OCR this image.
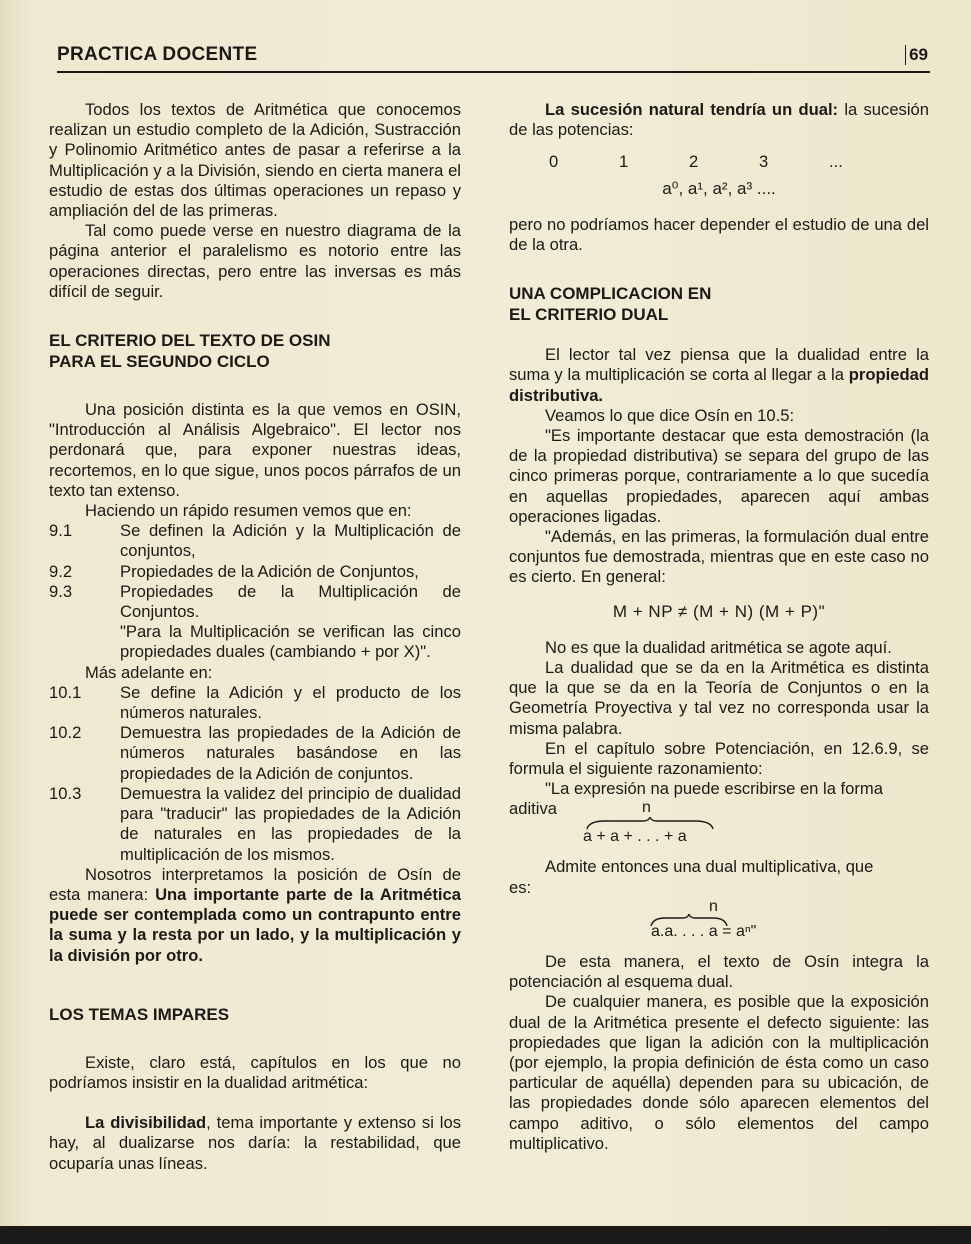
PRACTICA DOCENTE	69

Todos los textos de Aritmética que conocemos realizan un estudio completo de la Adición, Sustracción y Polinomio Aritmético antes de pasar a referirse a la Multiplicación y a la División, siendo en cierta manera el estudio de estas dos últimas operaciones un repaso y ampliación del de las primeras.

Tal como puede verse en nuestro diagrama de la página anterior el paralelismo es notorio entre las operaciones directas, pero entre las inversas es más difícil de seguir.

EL CRITERIO DEL TEXTO DE OSIN
PARA EL SEGUNDO CICLO

Una posición distinta es la que vemos en OSIN, "Introducción al Análisis Algebraico". El lector nos perdonará que, para exponer nuestras ideas, recortemos, en lo que sigue, unos pocos párrafos de un texto tan extenso.

Haciendo un rápido resumen vemos que en:

9.1	Se definen la Adición y la Multiplicación de conjuntos,
9.2	Propiedades de la Adición de Conjuntos,
9.3	Propiedades de la Multiplicación de Conjuntos.
"Para la Multiplicación se verifican las cinco propiedades duales (cambiando + por X)".

Más adelante en:

10.1	Se define la Adición y el producto de los números naturales.
10.2	Demuestra las propiedades de la Adición de números naturales basándose en las propiedades de la Adición de conjuntos.
10.3	Demuestra la validez del principio de dualidad para "traducir" las propiedades de la Adición de naturales en las propiedades de la multiplicación de los mismos.

Nosotros interpretamos la posición de Osín de esta manera: Una importante parte de la Aritmética puede ser contemplada como un contrapunto entre la suma y la resta por un lado, y la multiplicación y la división por otro.

LOS TEMAS IMPARES

Existe, claro está, capítulos en los que no podríamos insistir en la dualidad aritmética:

La divisibilidad, tema importante y extenso si los hay, al dualizarse nos daría: la restabilidad, que ocuparía unas líneas.

La sucesión natural tendría un dual: la sucesión de las potencias:

0	1	2	3	...
a⁰, a¹, a², a³ ....

pero no podríamos hacer depender el estudio de una del de la otra.

UNA COMPLICACION EN
EL CRITERIO DUAL

El lector tal vez piensa que la dualidad entre la suma y la multiplicación se corta al llegar a la propiedad distributiva.

Veamos lo que dice Osín en 10.5:

"Es importante destacar que esta demostración (la de la propiedad distributiva) se separa del grupo de las cinco primeras porque, contrariamente a lo que sucedía en aquellas propiedades, aparecen aquí ambas operaciones ligadas.

"Además, en las primeras, la formulación dual entre conjuntos fue demostrada, mientras que en este caso no es cierto. En general:

M + NP ≠ (M + N) (M + P)"

No es que la dualidad aritmética se agote aquí.

La dualidad que se da en la Aritmética es distinta que la que se da en la Teoría de Conjuntos o en la Geometría Proyectiva y tal vez no corresponda usar la misma palabra.

En el capítulo sobre Potenciación, en 12.6.9, se formula el siguiente razonamiento:

"La expresión na puede escribirse en la forma

aditiva	n
a + a + . . . + a

Admite entonces una dual multiplicativa, que

es:

n
a.a. . . . a = aⁿ"

De esta manera, el texto de Osín integra la potenciación al esquema dual.

De cualquier manera, es posible que la exposición dual de la Aritmética presente el defecto siguiente: las propiedades que ligan la adición con la multiplicación (por ejemplo, la propia definición de ésta como un caso particular de aquélla) dependen para su ubicación, de las propiedades donde sólo aparecen elementos del campo aditivo, o sólo elementos del campo multiplicativo.
